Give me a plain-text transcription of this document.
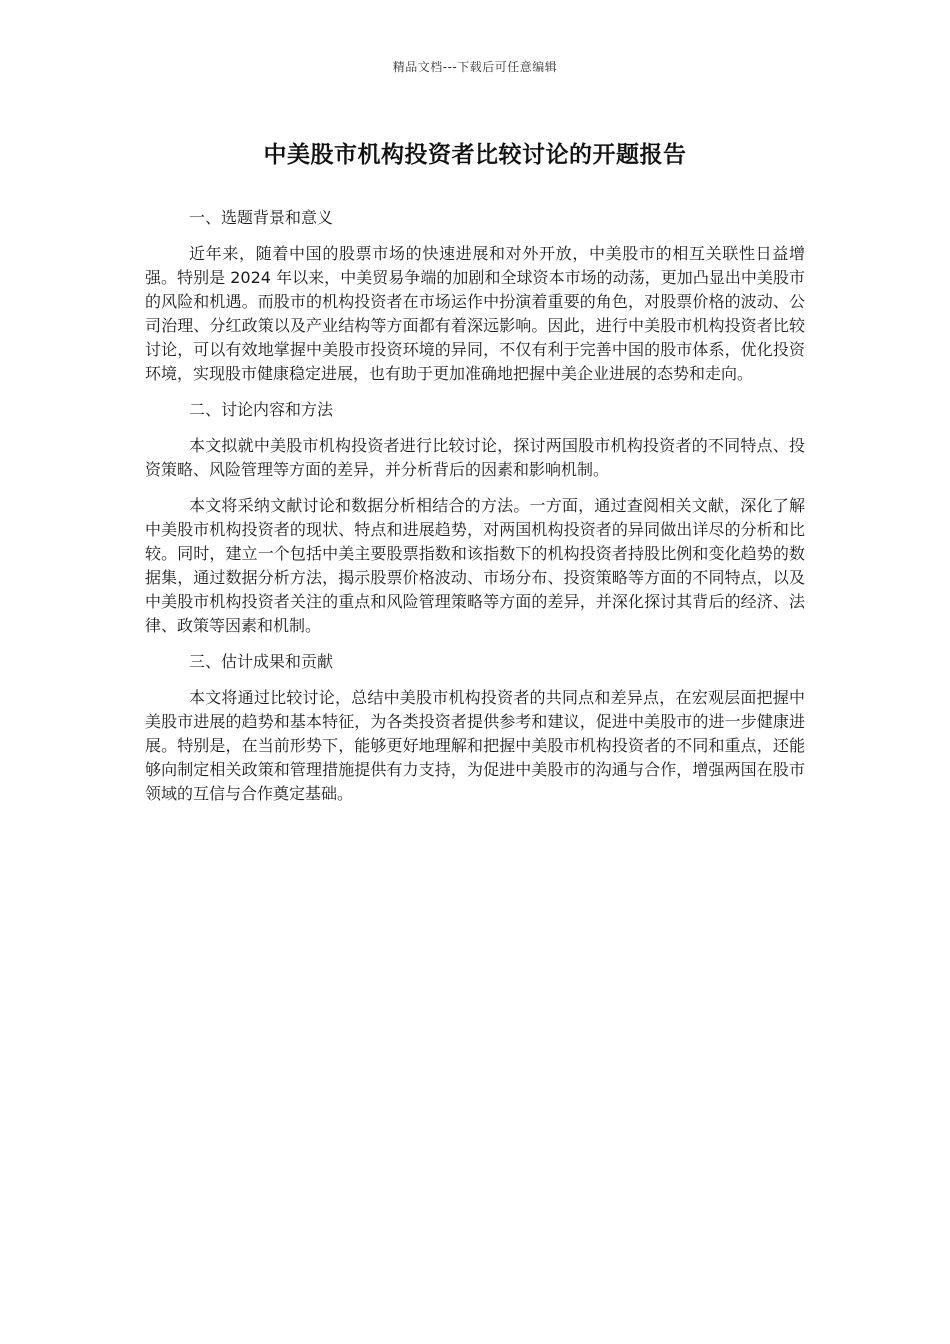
精品文档---下载后可任意编辑
中美股市机构投资者比较讨论的开题报告
一、选题背景和意义

近年来，随着中国的股票市场的快速进展和对外开放，中美股市的相互关联性日益增强。特别是 2024 年以来，中美贸易争端的加剧和全球资本市场的动荡，更加凸显出中美股市的风险和机遇。而股市的机构投资者在市场运作中扮演着重要的角色，对股票价格的波动、公司治理、分红政策以及产业结构等方面都有着深远影响。因此，进行中美股市机构投资者比较讨论，可以有效地掌握中美股市投资环境的异同，不仅有利于完善中国的股市体系，优化投资环境，实现股市健康稳定进展，也有助于更加准确地把握中美企业进展的态势和走向。

二、讨论内容和方法

本文拟就中美股市机构投资者进行比较讨论，探讨两国股市机构投资者的不同特点、投资策略、风险管理等方面的差异，并分析背后的因素和影响机制。

本文将采纳文献讨论和数据分析相结合的方法。一方面，通过查阅相关文献，深化了解中美股市机构投资者的现状、特点和进展趋势，对两国机构投资者的异同做出详尽的分析和比较。同时，建立一个包括中美主要股票指数和该指数下的机构投资者持股比例和变化趋势的数据集，通过数据分析方法，揭示股票价格波动、市场分布、投资策略等方面的不同特点，以及中美股市机构投资者关注的重点和风险管理策略等方面的差异，并深化探讨其背后的经济、法律、政策等因素和机制。

三、估计成果和贡献

本文将通过比较讨论，总结中美股市机构投资者的共同点和差异点，在宏观层面把握中美股市进展的趋势和基本特征，为各类投资者提供参考和建议，促进中美股市的进一步健康进展。特别是，在当前形势下，能够更好地理解和把握中美股市机构投资者的不同和重点，还能够向制定相关政策和管理措施提供有力支持，为促进中美股市的沟通与合作，增强两国在股市领域的互信与合作奠定基础。
